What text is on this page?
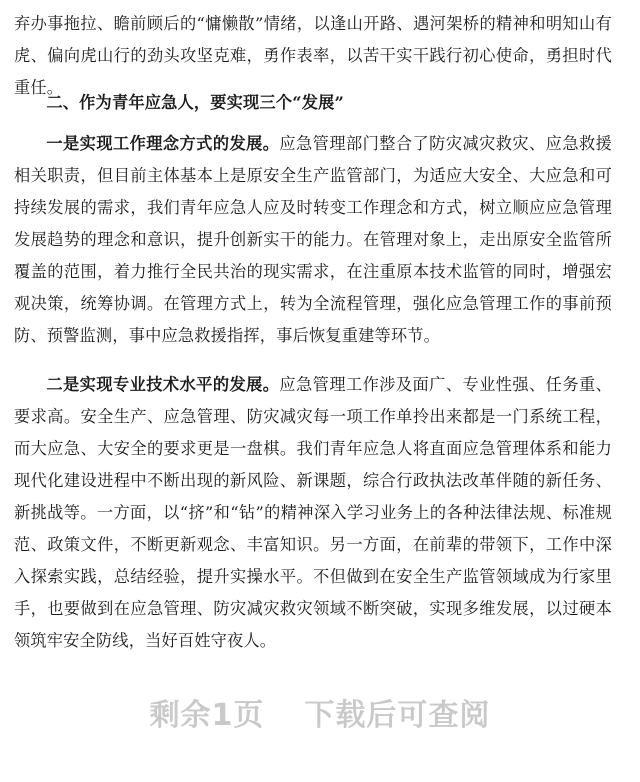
弃办事拖拉、瞻前顾后的“慵懒散”情绪，以逢山开路、遇河架桥的精神和明知山有虎、偏向虎山行的劲头攻坚克难，勇作表率，以苦干实干践行初心使命，勇担时代重任。

二、作为青年应急人，要实现三个“发展”

一是实现工作理念方式的发展。应急管理部门整合了防灾减灾救灾、应急救援相关职责，但目前主体基本上是原安全生产监管部门，为适应大安全、大应急和可持续发展的需求，我们青年应急人应及时转变工作理念和方式，树立顺应应急管理发展趋势的理念和意识，提升创新实干的能力。在管理对象上，走出原安全监管所覆盖的范围，着力推行全民共治的现实需求，在注重原本技术监管的同时，增强宏观决策，统筹协调。在管理方式上，转为全流程管理，强化应急管理工作的事前预防、预警监测，事中应急救援指挥，事后恢复重建等环节。

二是实现专业技术水平的发展。应急管理工作涉及面广、专业性强、任务重、要求高。安全生产、应急管理、防灾减灾每一项工作单拎出来都是一门系统工程，而大应急、大安全的要求更是一盘棋。我们青年应急人将直面应急管理体系和能力现代化建设进程中不断出现的新风险、新课题，综合行政执法改革伴随的新任务、新挑战等。一方面，以“挤”和“钻”的精神深入学习业务上的各种法律法规、标准规范、政策文件，不断更新观念、丰富知识。另一方面，在前辈的带领下，工作中深入探索实践，总结经验，提升实操水平。不但做到在安全生产监管领域成为行家里手，也要做到在应急管理、防灾减灾救灾领域不断突破，实现多维发展，以过硬本领筑牢安全防线，当好百姓守夜人。

剩余1页 下载后可查阅
